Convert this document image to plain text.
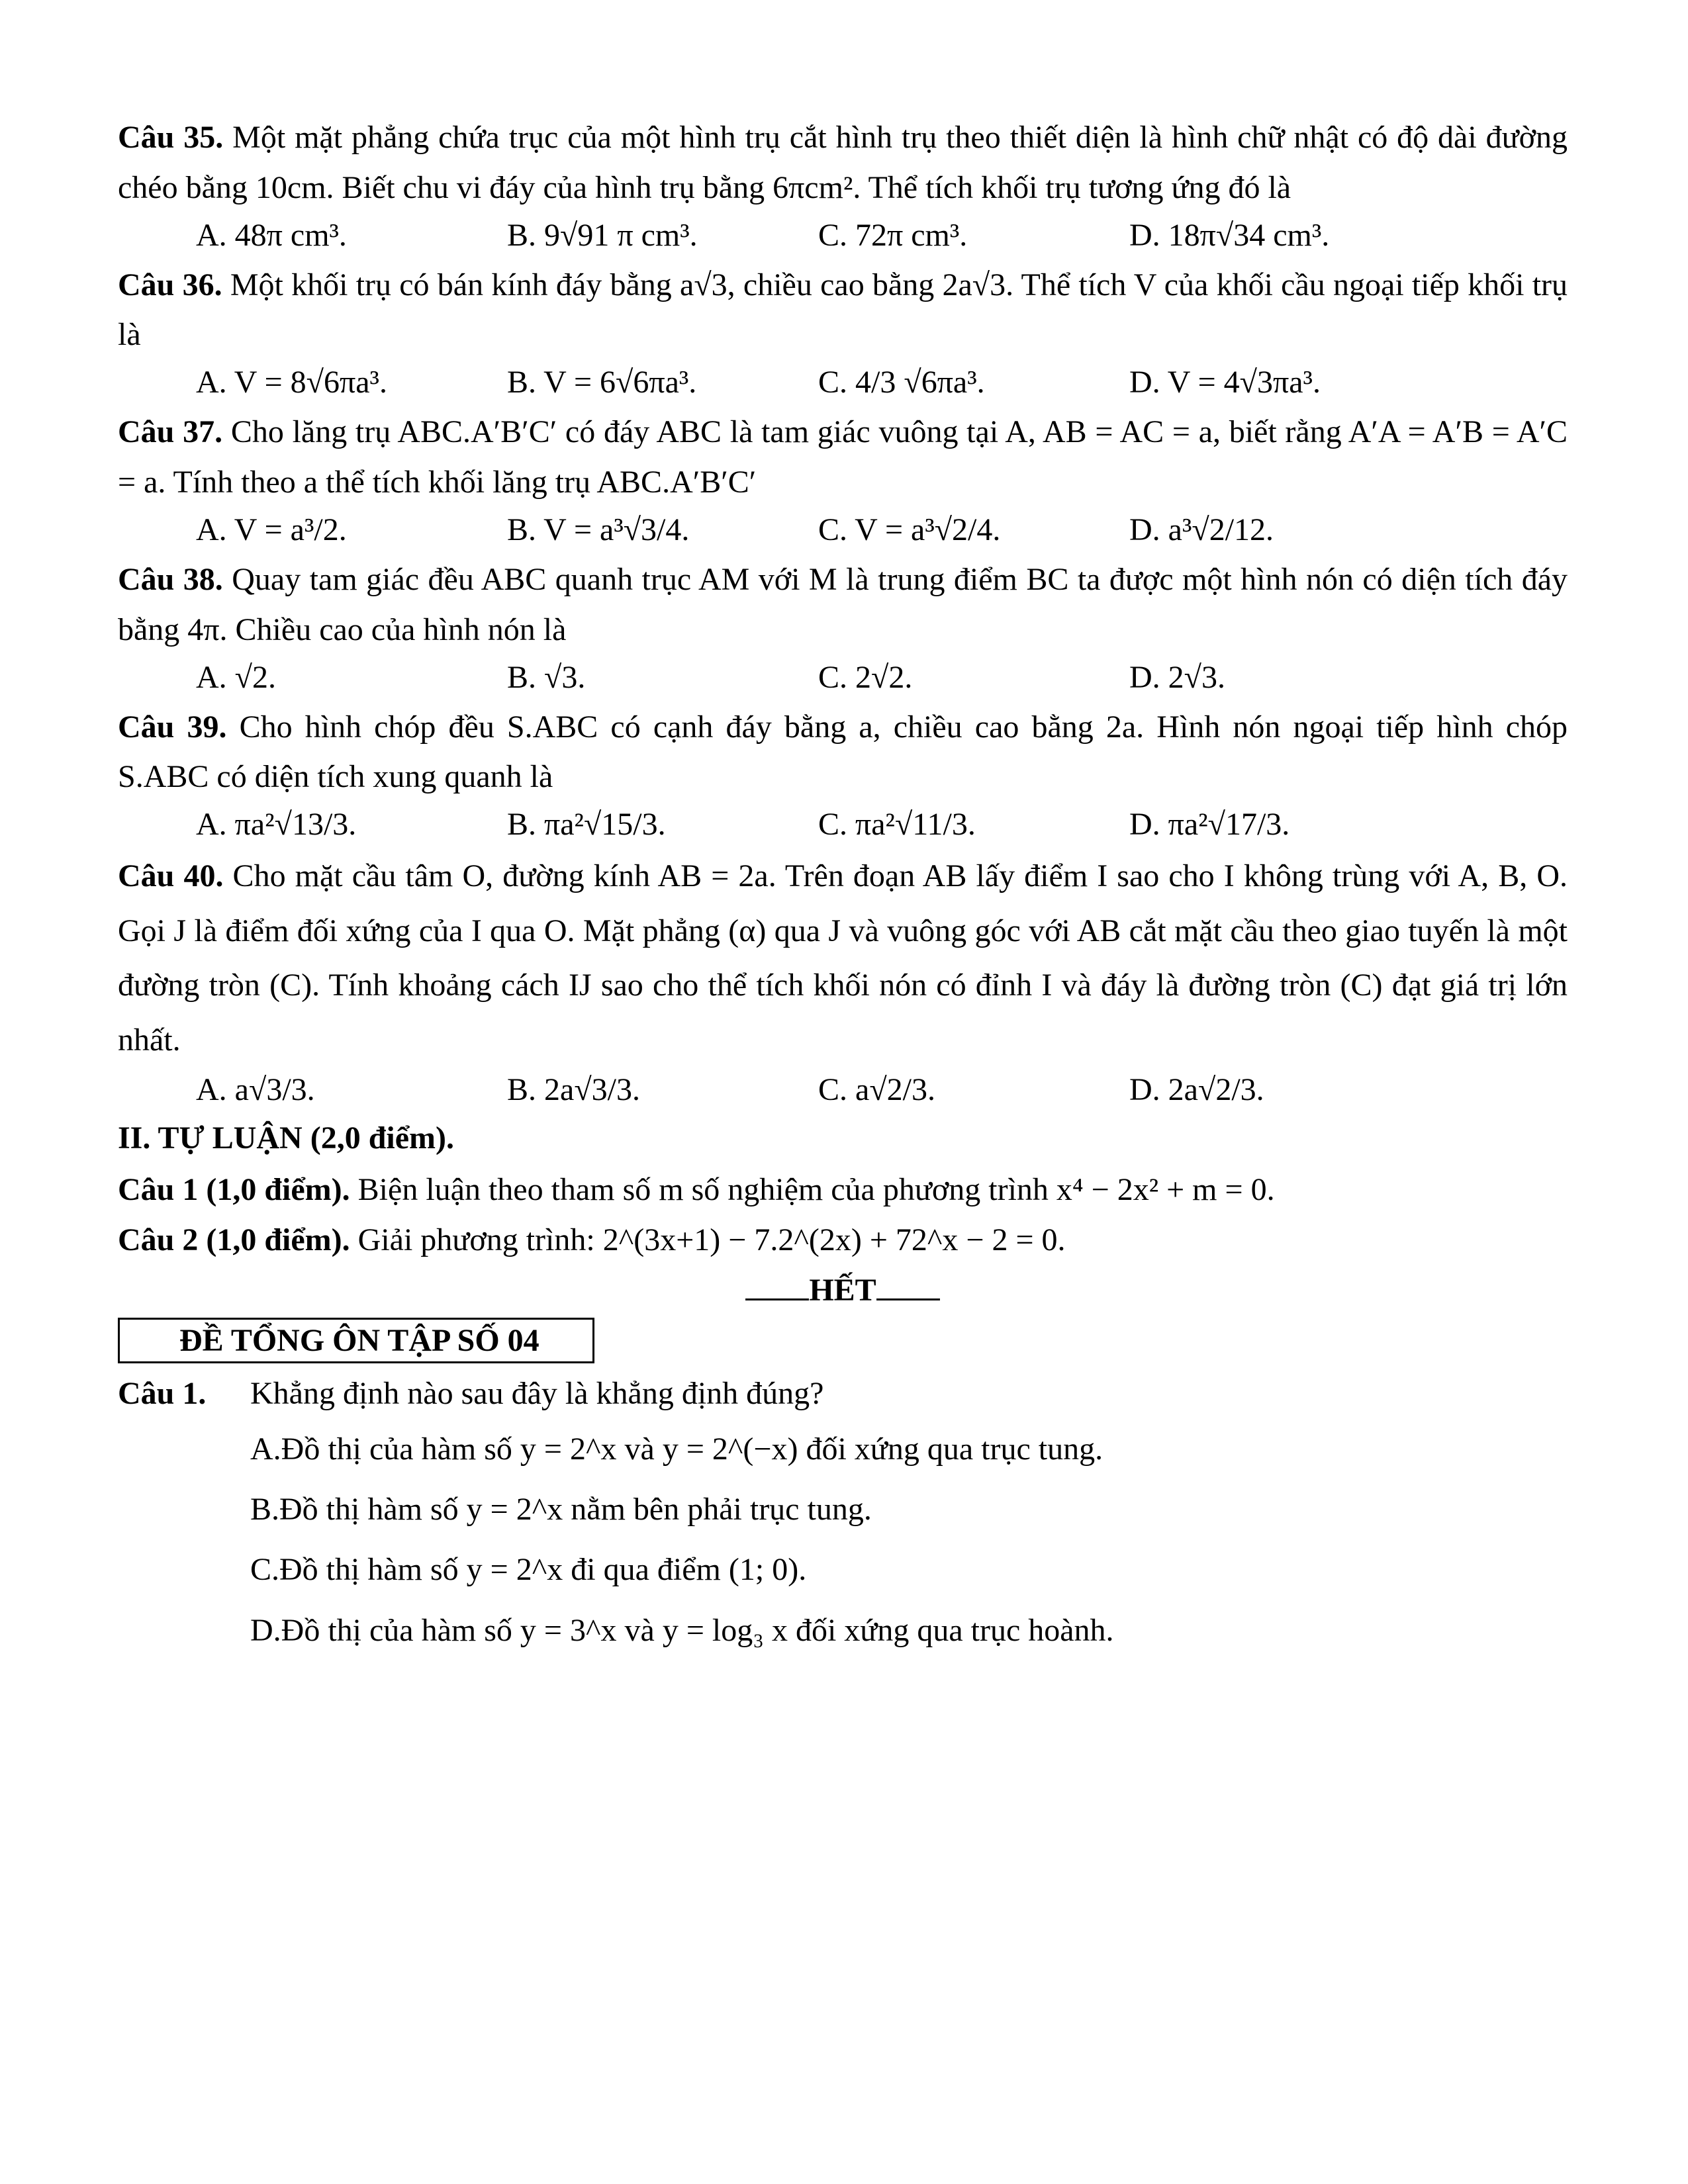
Câu 35. Một mặt phẳng chứa trục của một hình trụ cắt hình trụ theo thiết diện là hình chữ nhật có độ dài đường chéo bằng 10cm. Biết chu vi đáy của hình trụ bằng 6πcm². Thể tích khối trụ tương ứng đó là

A. 48π cm³.	B. 9√91 π cm³.	C. 72π cm³.	D. 18π√34 cm³.

Câu 36. Một khối trụ có bán kính đáy bằng a√3, chiều cao bằng 2a√3. Thể tích V của khối cầu ngoại tiếp khối trụ là

A. V = 8√6πa³.	B. V = 6√6πa³.	C. 4/3 √6πa³.	D. V = 4√3πa³.

Câu 37. Cho lăng trụ ABC.A′B′C′ có đáy ABC là tam giác vuông tại A, AB = AC = a, biết rằng A′A = A′B = A′C = a. Tính theo a thể tích khối lăng trụ ABC.A′B′C′

A. V = a³/2.	B. V = a³√3/4.	C. V = a³√2/4.	D. a³√2/12.

Câu 38. Quay tam giác đều ABC quanh trục AM với M là trung điểm BC ta được một hình nón có diện tích đáy bằng 4π. Chiều cao của hình nón là

A. √2.	B. √3.	C. 2√2.	D. 2√3.

Câu 39. Cho hình chóp đều S.ABC có cạnh đáy bằng a, chiều cao bằng 2a. Hình nón ngoại tiếp hình chóp S.ABC có diện tích xung quanh là

A. πa²√13/3.	B. πa²√15/3.	C. πa²√11/3.	D. πa²√17/3.

Câu 40. Cho mặt cầu tâm O, đường kính AB = 2a. Trên đoạn AB lấy điểm I sao cho I không trùng với A, B, O. Gọi J là điểm đối xứng của I qua O. Mặt phẳng (α) qua J và vuông góc với AB cắt mặt cầu theo giao tuyến là một đường tròn (C). Tính khoảng cách IJ sao cho thể tích khối nón có đỉnh I và đáy là đường tròn (C) đạt giá trị lớn nhất.

A. a√3/3.	B. 2a√3/3.	C. a√2/3.	D. 2a√2/3.
II. TỰ LUẬN (2,0 điểm).

Câu 1 (1,0 điểm). Biện luận theo tham số m số nghiệm của phương trình x⁴ − 2x² + m = 0.

Câu 2 (1,0 điểm). Giải phương trình: 2^(3x+1) − 7.2^(2x) + 72^x − 2 = 0.

HẾT
ĐỀ TỔNG ÔN TẬP SỐ 04
Câu 1.	Khẳng định nào sau đây là khẳng định đúng?

A.Đồ thị của hàm số y = 2^x và y = 2^(−x) đối xứng qua trục tung.

B.Đồ thị hàm số y = 2^x nằm bên phải trục tung.

C.Đồ thị hàm số y = 2^x đi qua điểm (1; 0).

D.Đồ thị của hàm số y = 3^x và y = log₃ x đối xứng qua trục hoành.
